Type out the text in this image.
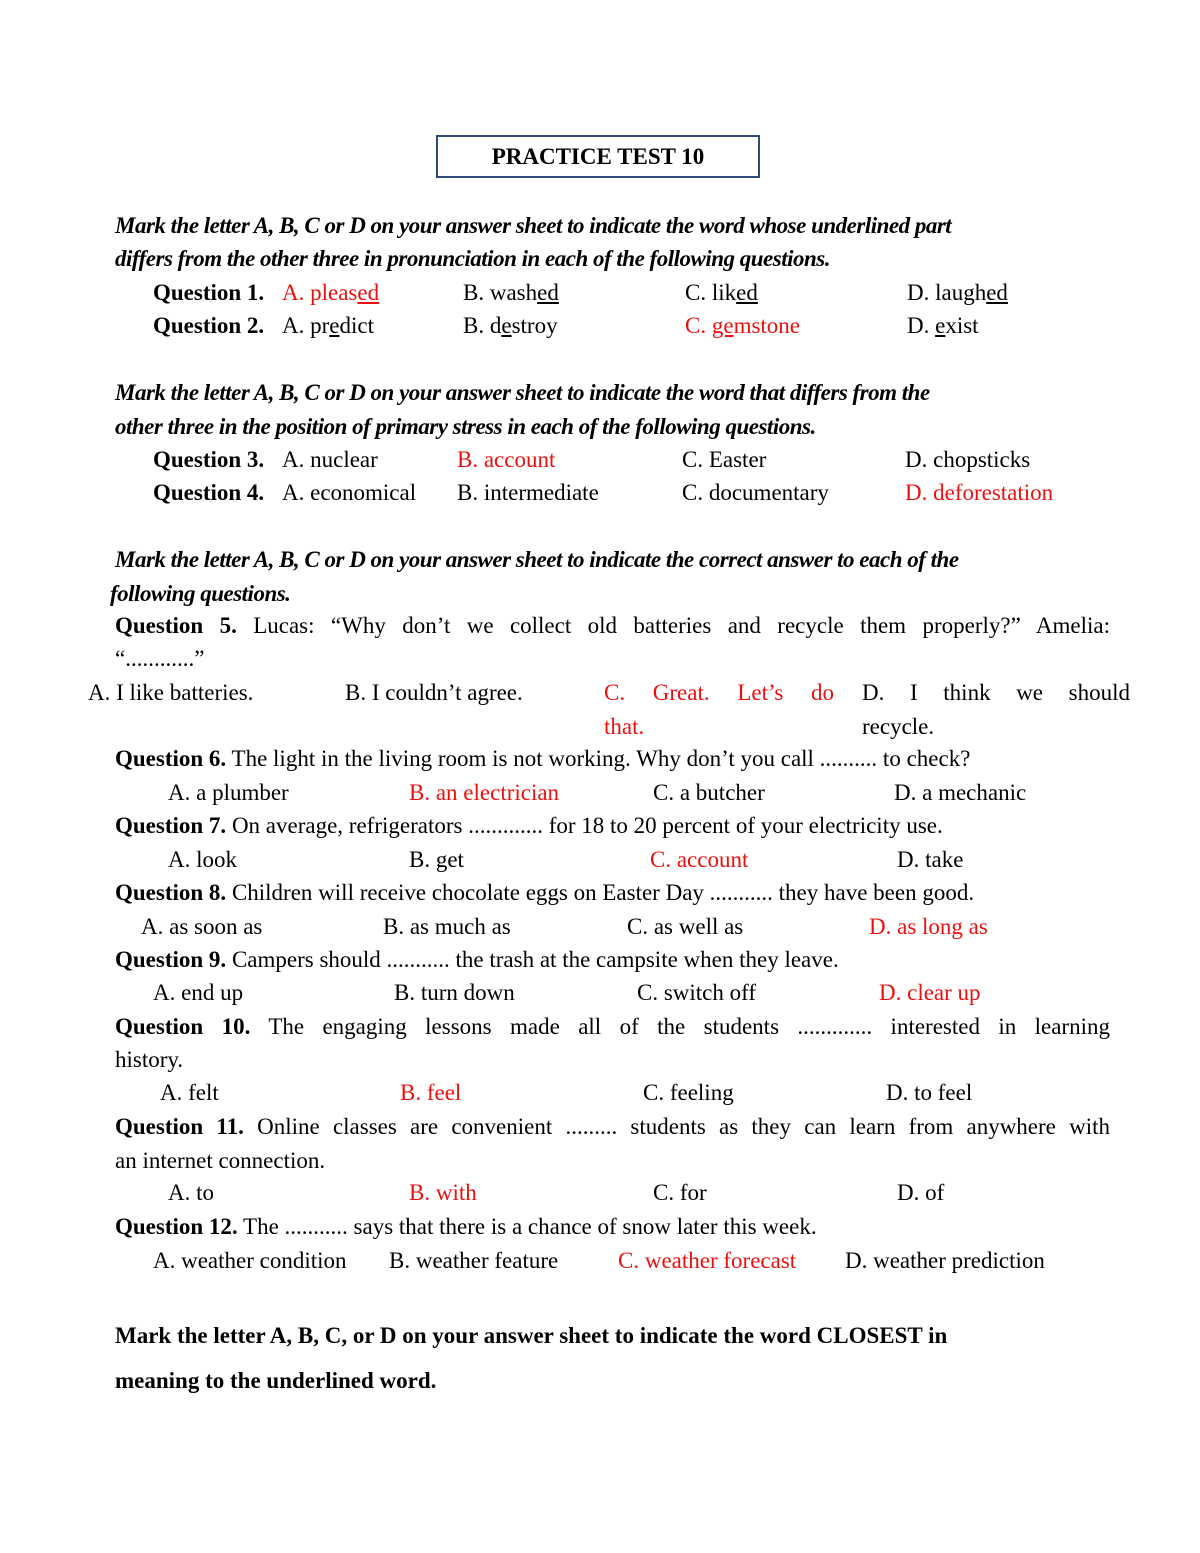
PRACTICE TEST 10
Mark the letter A, B, C or D on your answer sheet to indicate the word whose underlined part
differs from the other three in pronunciation in each of the following questions.
Question 1. A. pleased	B. washed	C. liked	D. laughed
Question 2. A. predict	B. destroy	C. gemstone	D. exist
Mark the letter A, B, C or D on your answer sheet to indicate the word that differs from the
other three in the position of primary stress in each of the following questions.
Question 3. A. nuclear	B. account	C. Easter	D. chopsticks
Question 4. A. economical B. intermediate	C. documentary	D. deforestation
Mark the letter A, B, C or D on your answer sheet to indicate the correct answer to each of the
following questions.
Question 5. Lucas: “Why don’t we collect old batteries and recycle them properly?” Amelia:
“............”
A. I like batteries.	B. I couldn’t agree.	C. Great. Let’s do
that.
D. I think we should
recycle.
Question 6. The light in the living room is not working. Why don’t you call .......... to check?
A. a plumber	B. an electrician	C. a butcher	D. a mechanic
Question 7. On average, refrigerators ............. for 18 to 20 percent of your electricity use.
A. look	B. get	C. account	D. take
Question 8. Children will receive chocolate eggs on Easter Day ........... they have been good.
A. as soon as	B. as much as	C. as well as	D. as long as
Question 9. Campers should ........... the trash at the campsite when they leave.
A. end up	B. turn down	C. switch off	D. clear up
Question 10. The engaging lessons made all of the students ............. interested in learning
history.
A. felt	B. feel	C. feeling	D. to feel
Question 11. Online classes are convenient ......... students as they can learn from anywhere with
an internet connection.
A. to	B. with	C. for	D. of
Question 12. The ........... says that there is a chance of snow later this week.
A. weather condition B. weather feature	C. weather forecast D. weather prediction
Mark the letter A, B, C, or D on your answer sheet to indicate the word CLOSEST in
meaning to the underlined word.
